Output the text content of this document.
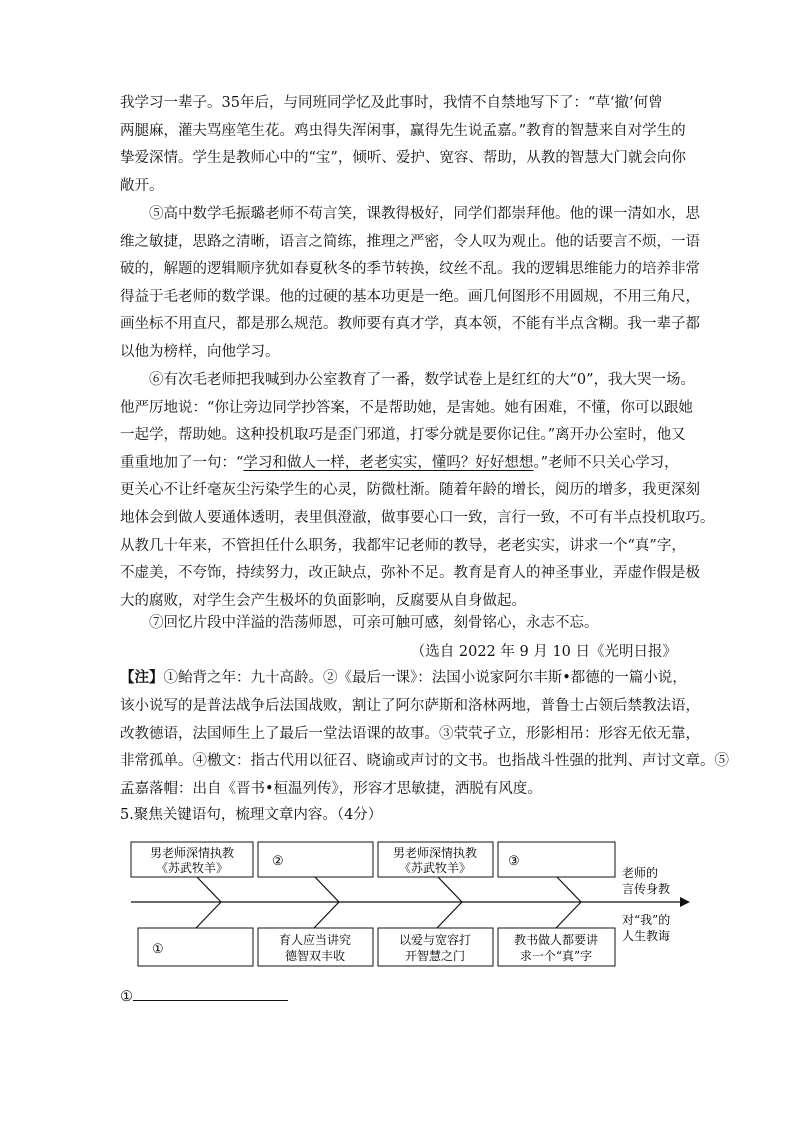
我学习一辈子。35年后，与同班同学忆及此事时，我情不自禁地写下了：“草‘撤’何曾
两腿麻，灌夫骂座笔生花。鸡虫得失浑闲事，赢得先生说孟嘉。”教育的智慧来自对学生的
挚爱深情。学生是教师心中的“宝”，倾听、爱护、宽容、帮助，从教的智慧大门就会向你
敞开。
⑤高中数学毛振璐老师不苟言笑，课教得极好，同学们都崇拜他。他的课一清如水，思
维之敏捷，思路之清晰，语言之简练，推理之严密，令人叹为观止。他的话要言不烦，一语
破的，解题的逻辑顺序犹如春夏秋冬的季节转换，纹丝不乱。我的逻辑思维能力的培养非常
得益于毛老师的数学课。他的过硬的基本功更是一绝。画几何图形不用圆规，不用三角尺，
画坐标不用直尺，都是那么规范。教师要有真才学，真本领，不能有半点含糊。我一辈子都
以他为榜样，向他学习。
⑥有次毛老师把我喊到办公室教育了一番，数学试卷上是红红的大“0”，我大哭一场。
他严厉地说：“你让旁边同学抄答案，不是帮助她，是害她。她有困难，不懂，你可以跟她
一起学，帮助她。这种投机取巧是歪门邪道，打零分就是要你记住。”离开办公室时，他又
重重地加了一句：“学习和做人一样，老老实实，懂吗？好好想想。”老师不只关心学习，
更关心不让纤毫灰尘污染学生的心灵，防微杜渐。随着年龄的增长，阅历的增多，我更深刻
地体会到做人要通体透明，表里俱澄澈，做事要心口一致，言行一致，不可有半点投机取巧。
从教几十年来，不管担任什么职务，我都牢记老师的教导，老老实实，讲求一个“真”字，
不虚美，不夸饰，持续努力，改正缺点，弥补不足。教育是育人的神圣事业，弄虚作假是极
大的腐败，对学生会产生极坏的负面影响，反腐要从自身做起。
⑦回忆片段中洋溢的浩荡师恩，可亲可触可感，刻骨铭心，永志不忘。
（选自 2022 年 9 月 10 日《光明日报》
【注】①鲐背之年：九十高龄。②《最后一课》：法国小说家阿尔丰斯•都德的一篇小说，
该小说写的是普法战争后法国战败，割让了阿尔萨斯和洛林两地，普鲁士占领后禁教法语，
改教德语，法国师生上了最后一堂法语课的故事。③茕茕孑立，形影相吊：形容无依无靠，
非常孤单。④檄文：指古代用以征召、晓谕或声讨的文书。也指战斗性强的批判、声讨文章。⑤
孟嘉落帽：出自《晋书•桓温列传》，形容才思敏捷，洒脱有风度。
5.聚焦关键语句，梳理文章内容。（4分）
男老师深情执教
《苏武牧羊》	②
男老师深情执教
《苏武牧羊》	③
①
育人应当讲究
德智双丰收
以爱与宽容打
开智慧之门
教书做人都要讲
求一个“真”字
老师的
言传身教
对“我”的
人生教诲
①
